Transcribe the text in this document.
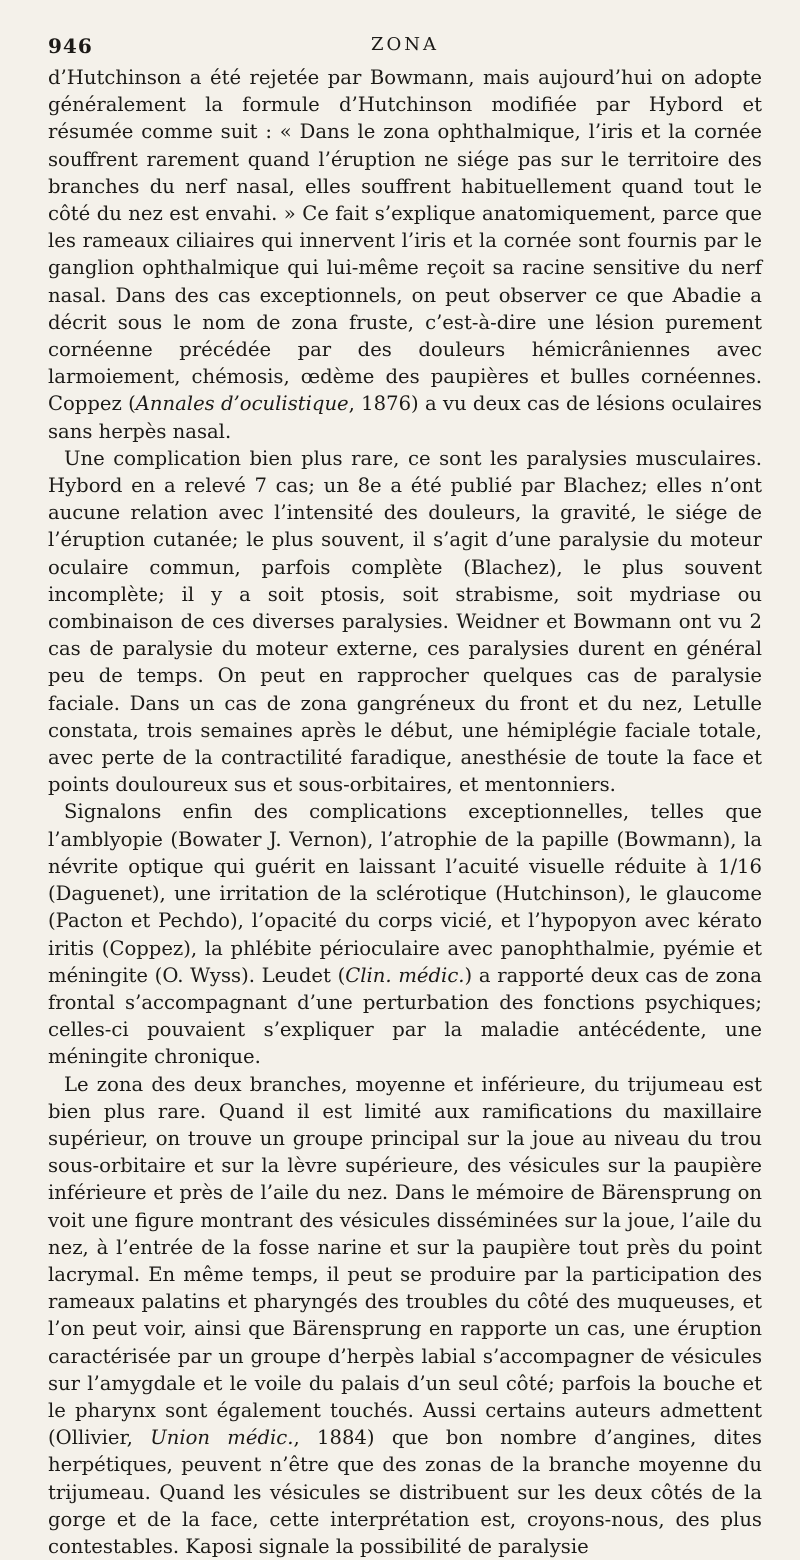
946	ZONA

d’Hutchinson a été rejetée par Bowmann, mais aujourd’hui on adopte généralement la formule d’Hutchinson modifiée par Hybord et résumée comme suit : « Dans le zona ophthalmique, l’iris et la cornée souffrent rarement quand l’éruption ne siége pas sur le territoire des branches du nerf nasal, elles souffrent habituellement quand tout le côté du nez est envahi. » Ce fait s’explique anatomiquement, parce que les rameaux ciliaires qui innervent l’iris et la cornée sont fournis par le ganglion ophthalmique qui lui-même reçoit sa racine sensitive du nerf nasal. Dans des cas exceptionnels, on peut observer ce que Abadie a décrit sous le nom de zona fruste, c’est-à-dire une lésion purement cornéenne précédée par des douleurs hémicrâniennes avec larmoiement, chémosis, œdème des paupières et bulles cornéennes. Coppez (Annales d’oculistique, 1876) a vu deux cas de lésions oculaires sans herpès nasal.

Une complication bien plus rare, ce sont les paralysies musculaires. Hybord en a relevé 7 cas; un 8e a été publié par Blachez; elles n’ont aucune relation avec l’intensité des douleurs, la gravité, le siége de l’éruption cutanée; le plus souvent, il s’agit d’une paralysie du moteur oculaire commun, parfois complète (Blachez), le plus souvent incomplète; il y a soit ptosis, soit strabisme, soit mydriase ou combinaison de ces diverses paralysies. Weidner et Bowmann ont vu 2 cas de paralysie du moteur externe, ces paralysies durent en général peu de temps. On peut en rapprocher quelques cas de paralysie faciale. Dans un cas de zona gangréneux du front et du nez, Letulle constata, trois semaines après le début, une hémiplégie faciale totale, avec perte de la contractilité faradique, anesthésie de toute la face et points douloureux sus et sous-orbitaires, et mentonniers.

Signalons enfin des complications exceptionnelles, telles que l’amblyopie (Bowater J. Vernon), l’atrophie de la papille (Bowmann), la névrite optique qui guérit en laissant l’acuité visuelle réduite à 1/16 (Daguenet), une irritation de la sclérotique (Hutchinson), le glaucome (Pacton et Pechdo), l’opacité du corps vicié, et l’hypopyon avec kérato iritis (Coppez), la phlébite périoculaire avec panophthalmie, pyémie et méningite (O. Wyss). Leudet (Clin. médic.) a rapporté deux cas de zona frontal s’accompagnant d’une perturbation des fonctions psychiques; celles-ci pouvaient s’expliquer par la maladie antécédente, une méningite chronique.

Le zona des deux branches, moyenne et inférieure, du trijumeau est bien plus rare. Quand il est limité aux ramifications du maxillaire supérieur, on trouve un groupe principal sur la joue au niveau du trou sous-orbitaire et sur la lèvre supérieure, des vésicules sur la paupière inférieure et près de l’aile du nez. Dans le mémoire de Bärensprung on voit une figure montrant des vésicules disséminées sur la joue, l’aile du nez, à l’entrée de la fosse narine et sur la paupière tout près du point lacrymal. En même temps, il peut se produire par la participation des rameaux palatins et pharyngés des troubles du côté des muqueuses, et l’on peut voir, ainsi que Bärensprung en rapporte un cas, une éruption caractérisée par un groupe d’herpès labial s’accompagner de vésicules sur l’amygdale et le voile du palais d’un seul côté; parfois la bouche et le pharynx sont également touchés. Aussi certains auteurs admettent (Ollivier, Union médic., 1884) que bon nombre d’angines, dites herpétiques, peuvent n’être que des zonas de la branche moyenne du trijumeau. Quand les vésicules se distribuent sur les deux côtés de la gorge et de la face, cette interprétation est, croyons-nous, des plus contestables. Kaposi signale la possibilité de paralysie
